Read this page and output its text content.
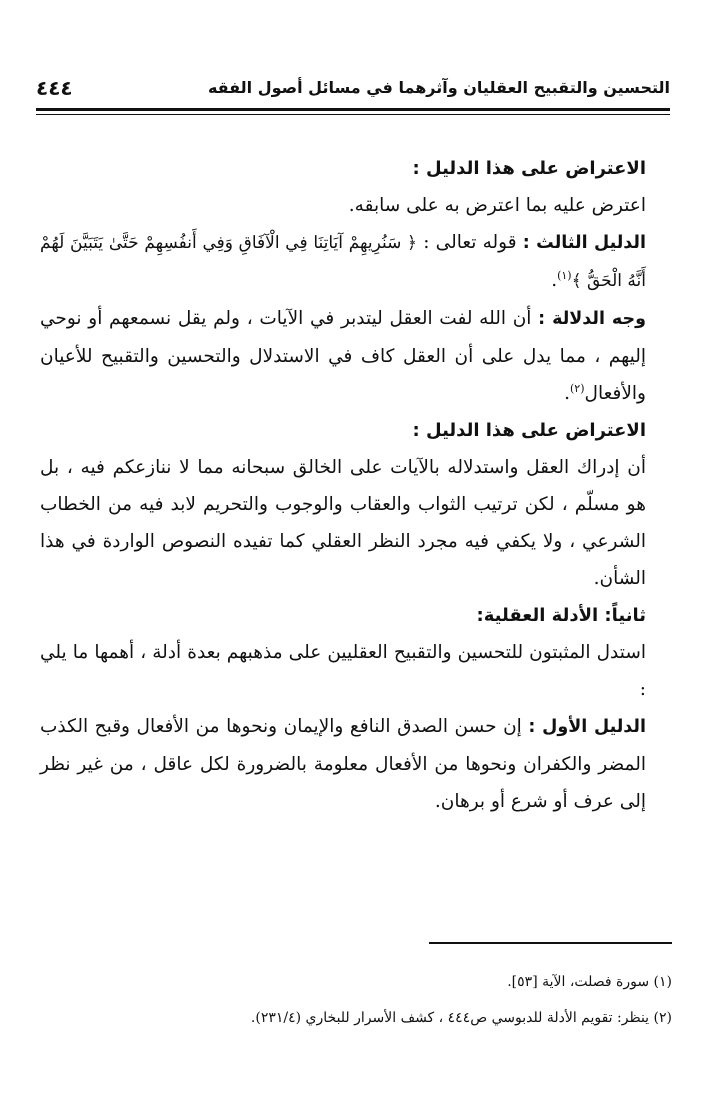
التحسين والتقبيح العقليان وآثرهما في مسائل أصول الفقه
٤٤٤

الاعتراض على هذا الدليل :

اعترض عليه بما اعترض به على سابقه.

الدليل الثالث : قوله تعالى : ﴿ سَنُرِيهِمْ آيَاتِنَا فِي الْآفَاقِ وَفِي أَنفُسِهِمْ حَتَّىٰ يَتَبَيَّنَ لَهُمْ أَنَّهُ الْحَقُّ ﴾$^{(١)}$.

وجه الدلالة : أن الله لفت العقل ليتدبر في الآيات ، ولم يقل نسمعهم أو نوحي إليهم ، مما يدل على أن العقل كاف في الاستدلال والتحسين والتقبيح للأعيان والأفعال$^{(٢)}$.

الاعتراض على هذا الدليل :

أن إدراك العقل واستدلاله بالآيات على الخالق سبحانه مما لا ننازعكم فيه ، بل هو مسلّم ، لكن ترتيب الثواب والعقاب والوجوب والتحريم لابد فيه من الخطاب الشرعي ، ولا يكفي فيه مجرد النظر العقلي كما تفيده النصوص الواردة في هذا الشأن.

ثانياً: الأدلة العقلية:

استدل المثبتون للتحسين والتقبيح العقليين على مذهبهم بعدة أدلة ، أهمها ما يلي :

الدليل الأول : إن حسن الصدق النافع والإيمان ونحوها من الأفعال وقبح الكذب المضر والكفران ونحوها من الأفعال معلومة بالضرورة لكل عاقل ، من غير نظر إلى عرف أو شرع أو برهان.

(١) سورة فصلت، الآية [٥٣].
(٢) ينظر: تقويم الأدلة للدبوسي ص٤٤٤ ، كشف الأسرار للبخاري (٢٣١/٤).
